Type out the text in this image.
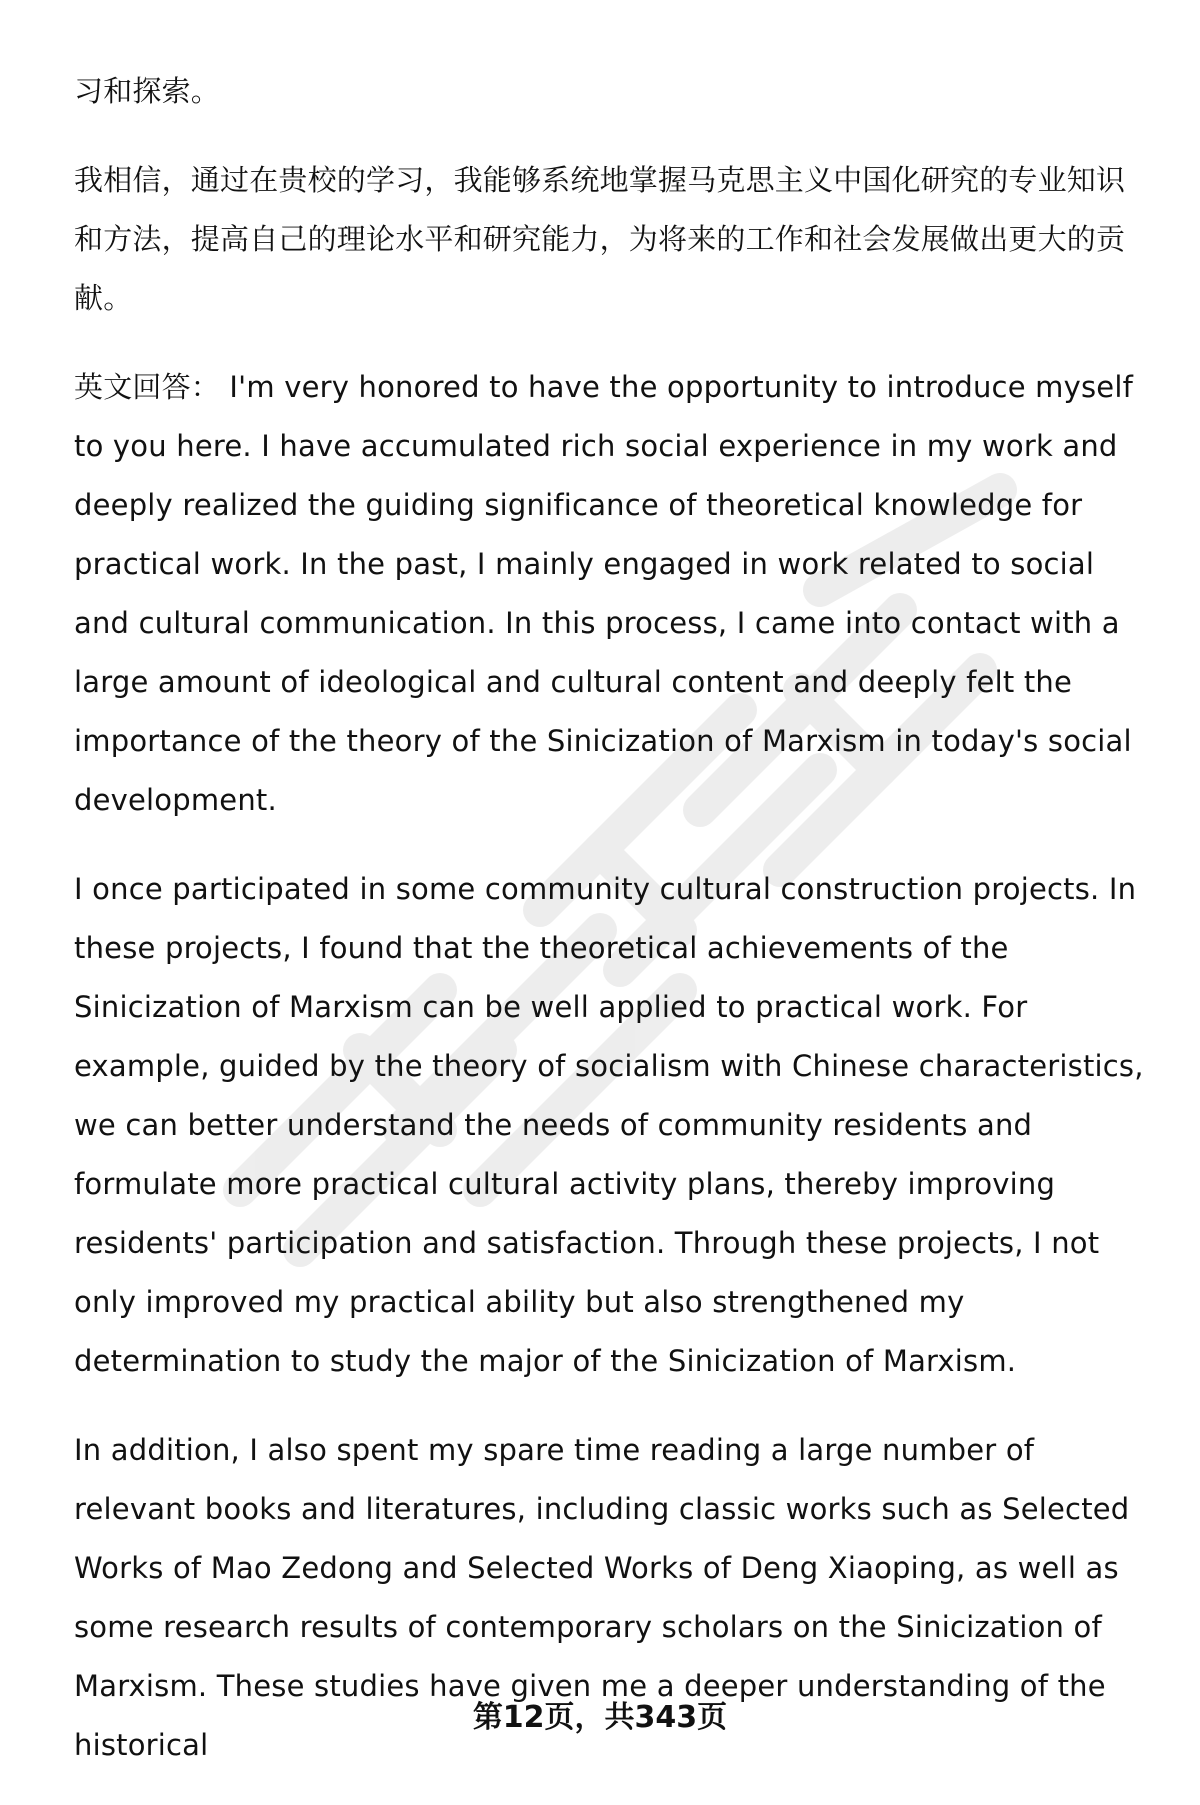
习和探索。

我相信，通过在贵校的学习，我能够系统地掌握马克思主义中国化研究的专业知识和方法，提高自己的理论水平和研究能力，为将来的工作和社会发展做出更大的贡献。

英文回答： I'm very honored to have the opportunity to introduce myself to you here. I have accumulated rich social experience in my work and deeply realized the guiding significance of theoretical knowledge for practical work. In the past, I mainly engaged in work related to social and cultural communication. In this process, I came into contact with a large amount of ideological and cultural content and deeply felt the importance of the theory of the Sinicization of Marxism in today's social development.

I once participated in some community cultural construction projects. In these projects, I found that the theoretical achievements of the Sinicization of Marxism can be well applied to practical work. For example, guided by the theory of socialism with Chinese characteristics, we can better understand the needs of community residents and formulate more practical cultural activity plans, thereby improving residents' participation and satisfaction. Through these projects, I not only improved my practical ability but also strengthened my determination to study the major of the Sinicization of Marxism.

In addition, I also spent my spare time reading a large number of relevant books and literatures, including classic works such as Selected Works of Mao Zedong and Selected Works of Deng Xiaoping, as well as some research results of contemporary scholars on the Sinicization of Marxism. These studies have given me a deeper understanding of the historical

第12页，共343页
